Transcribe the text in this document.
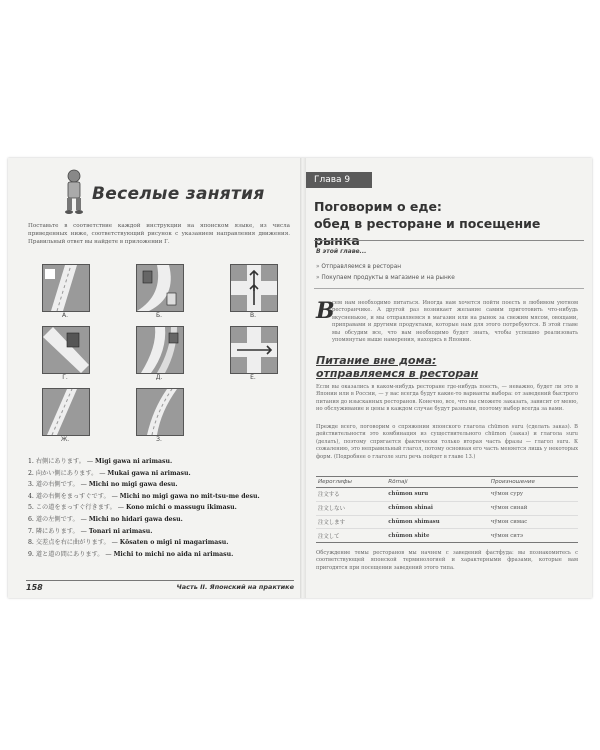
Веселые занятия
Поставьте в соответствие каждой инструкции на японском языке, из числа приведенных ниже, соответствующий рисунок с указанием направления движения. Правильный ответ вы найдете в приложении Г.
А.	Б.	В.
Г.	Д.	Е.
Ж.	З.
1. 右側にあります。 — Migi gawa ni arimasu.
2. 向かい側にあります。 — Mukai gawa ni arimasu.
3. 道の右側です。 — Michi no migi gawa desu.
4. 道の右側をまっすぐです。 — Michi no migi gawa no mit-tsu-me desu.
5. この道をまっすぐ行きます。 — Kono michi o massugu ikimasu.
6. 道の左側です。 — Michi no hidari gawa desu.
7. 隣にあります。 — Tonari ni arimasu.
8. 交差点を右に曲がります。 — Kōsaten o migi ni magarimasu.
9. 道と道の間にあります。 — Michi to michi no aida ni arimasu.
158	Часть II. Японский на практике
Глава 9
Поговорим о еде:
обед в ресторане и посещение рынка
В этой главе...
» Отправляемся в ресторан
» Покупаем продукты в магазине и на рынке
В
сем нам необходимо питаться. Иногда нам хочется пойти поесть в любимом уютном ресторанчике. А другой раз возникает желание самим приготовить что-нибудь вкусненькое, и мы отправляемся в магазин или на рынок за свежим мясом, овощами, приправами и другими продуктами, которые нам для этого потребуются. В этой главе мы обсудим все, что вам необходимо будет знать, чтобы успешно реализовать упомянутые выше намерения, находясь в Японии.
Питание вне дома:
отправляемся в ресторан
Если вы оказались в каком-нибудь ресторане где-нибудь поесть, — неважно, будет ли это в Японии или в России, — у вас всегда будут какие-то варианты выбора: от заведений быстрого питания до изысканных ресторанов. Конечно, все, что вы сможете заказать, зависит от меню, но обслуживание и цены в каждом случае будут разными, поэтому выбор всегда за вами.
Прежде всего, поговорим о спряжении японского глагола chūmon suru (сделать заказ). В действительности это комбинация из существительного chūmon (заказ) и глагола suru (делать), поэтому спрягается фактически только вторая часть фразы — глагол suru. К сожалению, это неправильный глагол, потому основная его часть меняется лишь у некоторых форм. (Подробнее о глаголе suru речь пойдет в главе 13.)
Иероглифы	Rōmaji	Произношение
注文する	chūmon suru	чӯмон суру
注文しない	chūmon shinai	чӯмон синай
注文します	chūmon shimasu	чӯмон симас
注文して	chūmon shite	чӯмон ситэ
Обсуждение темы ресторанов мы начнем с заведений фастфуда: вы познакомитесь с соответствующей японской терминологией и характерными фразами, которые вам пригодятся при посещении заведений этого типа.
